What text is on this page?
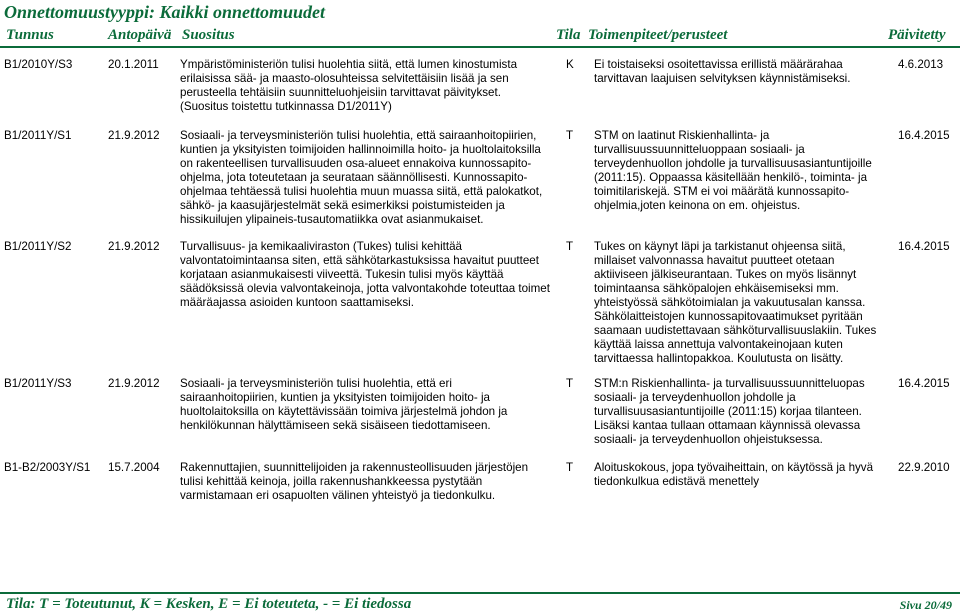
Onnettomuustyyppi: Kaikki onnettomuudet
Tunnus	Antopäivä Suositus	Tila Toimenpiteet/perusteet	Päivitetty
B1/2010Y/S3	20.1.2011 Ympäristöministeriön tulisi huolehtia siitä, että lumen kinostumista
erilaisissa sää- ja maasto-olosuhteissa selvitettäisiin lisää ja sen
perusteella tehtäisiin suunnitteluohjeisiin tarvittavat päivitykset.
(Suositus toistettu tutkinnassa D1/2011Y)
K Ei toistaiseksi osoitettavissa erillistä määrärahaa
tarvittavan laajuisen selvityksen käynnistämiseksi.
4.6.2013
B1/2011Y/S1	21.9.2012 Sosiaali- ja terveysministeriön tulisi huolehtia, että sairaanhoitopiirien,
kuntien ja yksityisten toimijoiden hallinnoimilla hoito- ja huoltolaitoksilla
on rakenteellisen turvallisuuden osa-alueet ennakoiva kunnossapito-
ohjelma, jota toteutetaan ja seurataan säännöllisesti. Kunnossapito-
ohjelmaa tehtäessä tulisi huolehtia muun muassa siitä, että palokatkot,
sähkö- ja kaasujärjestelmät sekä esimerkiksi poistumisteiden ja
hissikuilujen ylipaineis-tusautomatiikka ovat asianmukaiset.
T STM on laatinut Riskienhallinta- ja
turvallisuussuunnitteluoppaan sosiaali- ja
terveydenhuollon johdolle ja turvallisuusasiantuntijoille
(2011:15). Oppaassa käsitellään henkilö-, toiminta- ja
toimitilariskejä. STM ei voi määrätä kunnossapito-
ohjelmia,joten keinona on em. ohjeistus.
16.4.2015
B1/2011Y/S2	21.9.2012 Turvallisuus- ja kemikaaliviraston (Tukes) tulisi kehittää
valvontatoimintaansa siten, että sähkötarkastuksissa havaitut puutteet
korjataan asianmukaisesti viiveettä. Tukesin tulisi myös käyttää
säädöksissä olevia valvontakeinoja, jotta valvontakohde toteuttaa toimet
määräajassa asioiden kuntoon saattamiseksi.
T Tukes on käynyt läpi ja tarkistanut ohjeensa siitä,
millaiset valvonnassa havaitut puutteet otetaan
aktiiviseen jälkiseurantaan. Tukes on myös lisännyt
toimintaansa sähköpalojen ehkäisemiseksi mm.
yhteistyössä sähkötoimialan ja vakuutusalan kanssa.
Sähkölaitteistojen kunnossapitovaatimukset pyritään
saamaan uudistettavaan sähköturvallisuuslakiin. Tukes
käyttää laissa annettuja valvontakeinojaan kuten
tarvittaessa hallintopakkoa. Koulutusta on lisätty.
16.4.2015
B1/2011Y/S3	21.9.2012 Sosiaali- ja terveysministeriön tulisi huolehtia, että eri
sairaanhoitopiirien, kuntien ja yksityisten toimijoiden hoito- ja
huoltolaitoksilla on käytettävissään toimiva järjestelmä johdon ja
henkilökunnan hälyttämiseen sekä sisäiseen tiedottamiseen.
T STM:n Riskienhallinta- ja turvallisuussuunnitteluopas
sosiaali- ja terveydenhuollon johdolle ja
turvallisuusasiantuntijoille (2011:15) korjaa tilanteen.
Lisäksi kantaa tullaan ottamaan käynnissä olevassa
sosiaali- ja terveydenhuollon ohjeistuksessa.
16.4.2015
B1-B2/2003Y/S1 15.7.2004 Rakennuttajien, suunnittelijoiden ja rakennusteollisuuden järjestöjen
tulisi kehittää keinoja, joilla rakennushankkeessa pystytään
varmistamaan eri osapuolten välinen yhteistyö ja tiedonkulku.
T Aloituskokous, jopa työvaiheittain, on käytössä ja hyvä
tiedonkulkua edistävä menettely
22.9.2010
Tila: T = Toteutunut, K = Kesken, E = Ei toteuteta, - = Ei tiedossa	Sivu 20/49
